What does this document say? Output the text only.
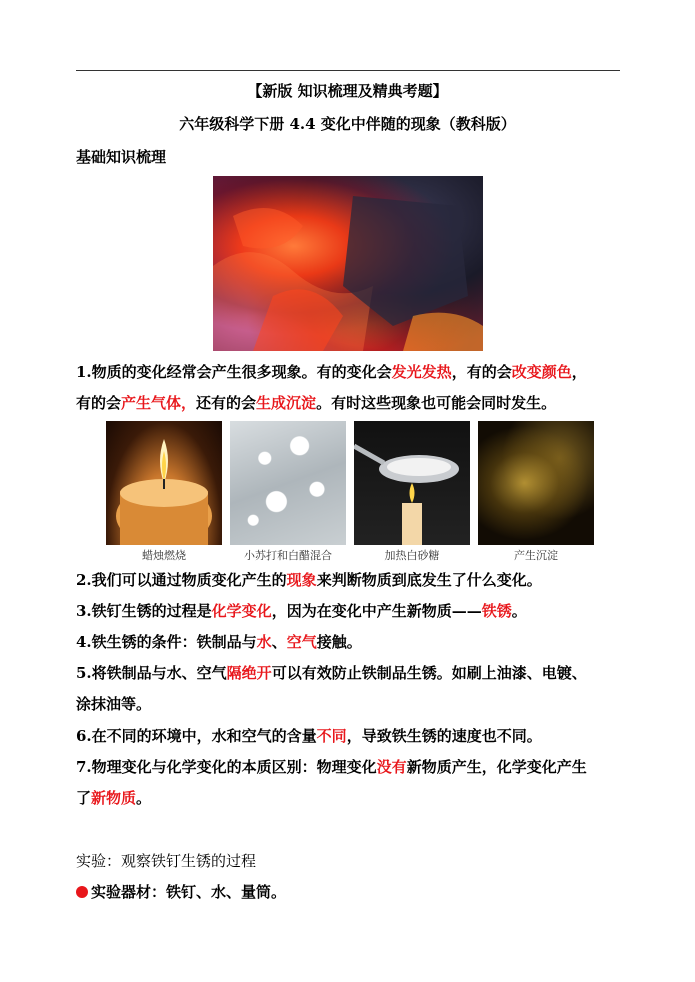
【新版 知识梳理及精典考题】
六年级科学下册 4.4 变化中伴随的现象（教科版）
基础知识梳理
1.物质的变化经常会产生很多现象。有的变化会发光发热，有的会改变颜色，
有的会产生气体，还有的会生成沉淀。有时这些现象也可能会同时发生。
蜡烛燃烧	小苏打和白醋混合	加热白砂糖	产生沉淀
2.我们可以通过物质变化产生的现象来判断物质到底发生了什么变化。
3.铁钉生锈的过程是化学变化，因为在变化中产生新物质——铁锈。
4.铁生锈的条件：铁制品与水、空气接触。
5.将铁制品与水、空气隔绝开可以有效防止铁制品生锈。如刷上油漆、电镀、
涂抹油等。
6.在不同的环境中，水和空气的含量不同，导致铁生锈的速度也不同。
7.物理变化与化学变化的本质区别：物理变化没有新物质产生，化学变化产生
了新物质。
实验：观察铁钉生锈的过程
实验器材：铁钉、水、量筒。
